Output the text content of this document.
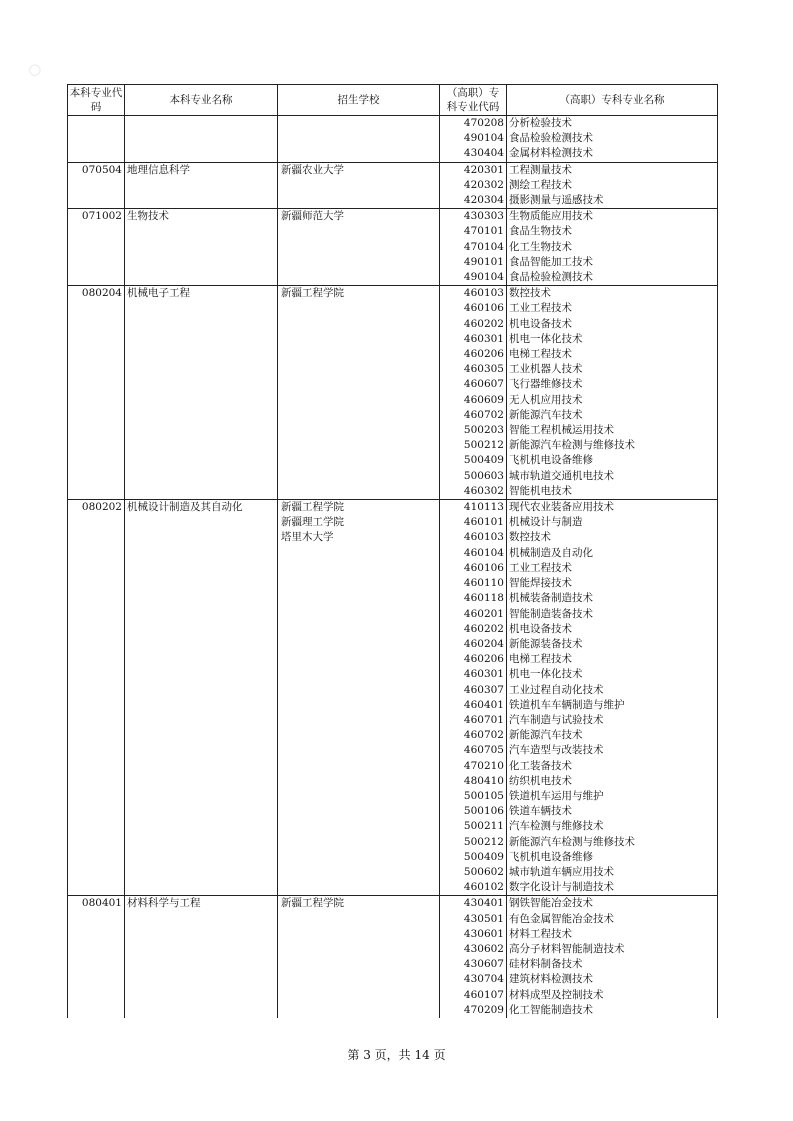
○
本科专业代码	本科专业名称	招生学校	（高职）专科专业代码	（高职）专科专业名称
			470208	分析检验技术
			490104	食品检验检测技术
			430404	金属材料检测技术
070504	地理信息科学	新疆农业大学	420301	工程测量技术
			420302	测绘工程技术
			420304	摄影测量与遥感技术
071002	生物技术	新疆师范大学	430303	生物质能应用技术
			470101	食品生物技术
			470104	化工生物技术
			490101	食品智能加工技术
			490104	食品检验检测技术
080204	机械电子工程	新疆工程学院	460103	数控技术
			460106	工业工程技术
			460202	机电设备技术
			460301	机电一体化技术
			460206	电梯工程技术
			460305	工业机器人技术
			460607	飞行器维修技术
			460609	无人机应用技术
			460702	新能源汽车技术
			500203	智能工程机械运用技术
			500212	新能源汽车检测与维修技术
			500409	飞机机电设备维修
			500603	城市轨道交通机电技术
			460302	智能机电技术
080202	机械设计制造及其自动化	新疆工程学院	410113	现代农业装备应用技术
		新疆理工学院	460101	机械设计与制造
		塔里木大学	460103	数控技术
			460104	机械制造及自动化
			460106	工业工程技术
			460110	智能焊接技术
			460118	机械装备制造技术
			460201	智能制造装备技术
			460202	机电设备技术
			460204	新能源装备技术
			460206	电梯工程技术
			460301	机电一体化技术
			460307	工业过程自动化技术
			460401	铁道机车车辆制造与维护
			460701	汽车制造与试验技术
			460702	新能源汽车技术
			460705	汽车造型与改装技术
			470210	化工装备技术
			480410	纺织机电技术
			500105	铁道机车运用与维护
			500106	铁道车辆技术
			500211	汽车检测与维修技术
			500212	新能源汽车检测与维修技术
			500409	飞机机电设备维修
			500602	城市轨道车辆应用技术
			460102	数字化设计与制造技术
080401	材料科学与工程	新疆工程学院	430401	钢铁智能冶金技术
			430501	有色金属智能冶金技术
			430601	材料工程技术
			430602	高分子材料智能制造技术
			430607	硅材料制备技术
			430704	建筑材料检测技术
			460107	材料成型及控制技术
			470209	化工智能制造技术
第 3 页，共 14 页
